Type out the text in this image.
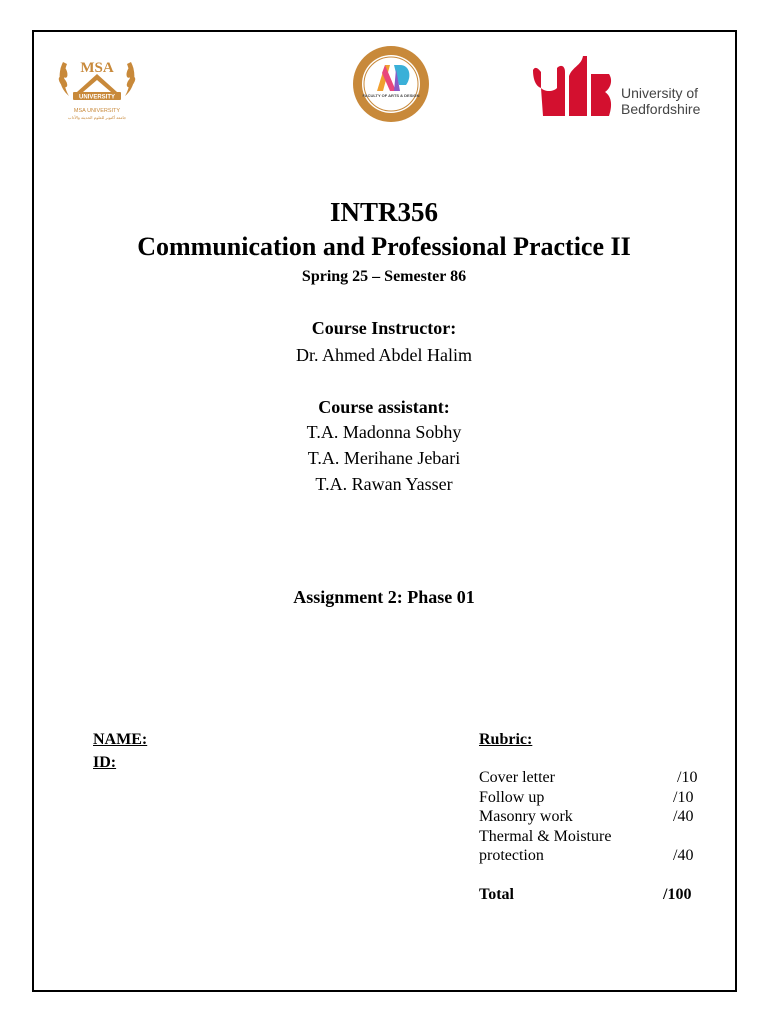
MSA
UNIVERSITY
MSA UNIVERSITY
جامعة أكتوبر للعلوم الحديثة والآداب
FACULTY OF ARTS & DESIGN	University of
Bedfordshire
INTR356
Communication and Professional Practice II
Spring 25 – Semester 86
Course Instructor:
Dr. Ahmed Abdel Halim
Course assistant:
T.A. Madonna Sobhy
T.A. Merihane Jebari
T.A. Rawan Yasser
Assignment 2: Phase 01
NAME:
ID:
Rubric:
Cover letter	/10
Follow up	/10
Masonry work	/40
Thermal & Moisture
protection	/40
Total	/100
